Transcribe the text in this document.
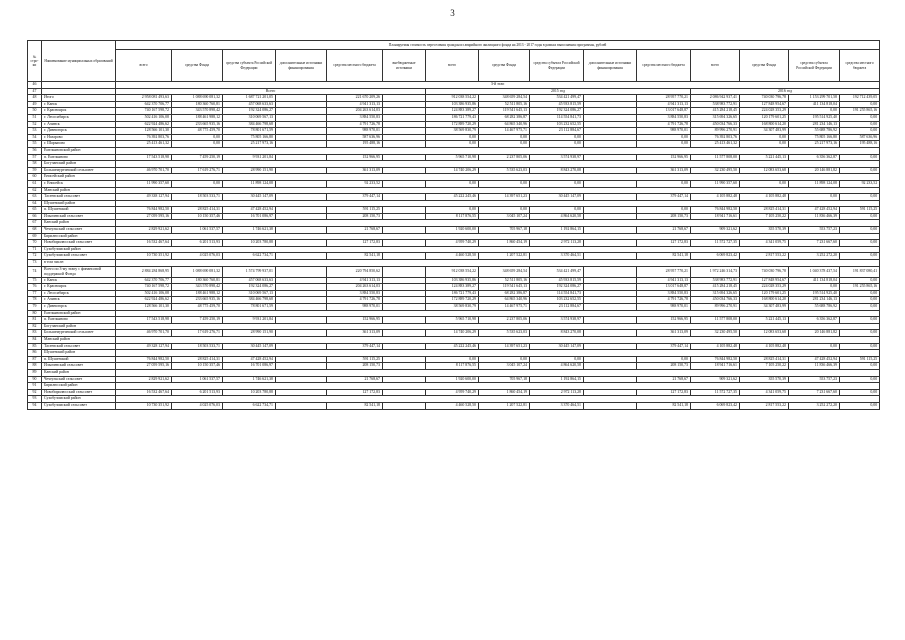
3
№ стро- ки	Наименование муниципальных образований	Планируемая стоимость переселения граждан из аварийного жилищного фонда на 2013 - 2017 годы в рамках выполнения программы, рублей														
		всего	средства Фонда	средства субъекта Российской Федерации	дополнительные источники финансирования	средства местного бюджета	внебюджетные источники	всего	средства Фонда	средства субъекта Российской Федерации	дополнительные источники финансирования	средства местного бюджета	всего	средства Фонда	средства субъекта Российской Федерации	средства местного бюджета
46		3-й этап														
47		Всего						2015 год					2016 год			
48	Итого	2 958 081 493,63	1 088 690 081,32	1 687 721 201,05		221 670 209,26		912 038 554,22	348 659 284,54	534 421 499,47		28 957 770,21	2 086 942 937,41	740 030 796,78	1 153 299 701,58	192 712 439,05
49	г. Канск	642 370 706,77	180 360 760,81	457 068 633,63		4 941 313,13		103 386 935,86	52 511 805,16	45 933 815,59		4 941 313,13	538 983 772,91	127 848 954,67	411 134 818,04	0,00
50	г. Красноярск	740 167 598,72	343 570 898,42	192 324 086,27		204 263 614,03		124 883 389,27	119 541 645,13	192 324 086,27		13 017 648,87	415 284 218,45	224 028 353,29	0,00	191 255 865,16
51	г. Лесосибирск	502 416 106,08	188 461 988,12	310 069 567,13		3 884 550,83		186 721 779,43	68 282 386,87	114 554 841,73		3 884 550,83	315 694 326,65	120 179 601,25	195 514 925,40	0,00
52	г. Ачинск	622 924 486,62	233 665 935,16	384 466 798,68		4 791 726,78		172 889 720,29	64 865 340,96	103 232 652,55		4 791 726,78	450 034 766,33	168 800 614,20	281 234 146,13	0,00
53	г. Дивногорск	128 566 101,30	48 775 459,70	78 801 671,59		988 970,01		38 569 830,79	14 467 975,71	23 112 884,67		988 970,01	89 996 270,91	34 307 483,99	55 688 786,92	0,00
54	г. Назарово	76 392 803,76	0,00	75 805 166,80		587 636,96		0,00	0,00	0,00		0,00	76 392 803,76	0,00	75 805 166,80	587 636,96
55	г. Шарыпово	25 413 461,32	0,00	25 217 973,16		195 488,16		0,00	0,00	0,00		0,00	25 413 461,32	0,00	25 217 973,16	195 488,16
56	Емельяновский район															
57	п. Емельяново	17 543 518,98	7 459 250,19	9 931 201,84		152 966,95		5 965 710,98	2 237 805,06	3 574 938,97		152 966,95	11 577 808,00	5 221 445,13	6 356 362,87	0,00
58	Богучанский район															
59	Большемуртинский сельсовет	46 970 701,70	17 619 276,71	28 990 151,90		361 313,09		14 740 206,29	5 535 623,03	8 843 270,08		361 313,09	32 230 495,50	12 083 653,68	20 146 881,82	0,00
60	Енисейский район															
61	г. Енисейск	11 990 357,60	0,00	11 898 124,08		92 233,52		0,00	0,00	0,00		0,00	11 990 357,60	0,00	11 898 124,08	92 233,52
62	Манский район															
63	Тасеевский сельсовет	49 338 127,94	18 503 533,71	30 445 147,09		379 447,14		45 222 245,46	14 397 651,23	30 445 147,09		379 447,14	4 105 882,48	4 105 882,48	0,00	0,00
64	Шушенский район															
65	п. Шушенский	76 844 982,50	28 825 414,31	47 428 452,94		591 115,25		0,00	0,00	0,00		0,00	76 844 982,50	28 825 414,31	47 428 452,94	591 115,25
66	Ильичевский сельсовет	27 059 595,16	10 150 357,46	16 701 086,97		208 150,73		8 117 876,55	3 045 107,24	4 864 620,58		208 150,73	18 941 716,61	7 105 250,22	11 836 466,39	0,00
67	Канский район															
68	Чечеульский сельсовет	2 829 921,62	1 061 537,57	1 746 621,38		21 768,67		1 920 600,00	705 967,18	1 192 864,15		21 768,67	909 321,62	355 570,39	553 757,23	0,00
69	Бирилюсский район															
70	Новобирилюсский сельсовет	16 532 467,64	6 201 513,93	10 203 780,88		127 172,83		4 959 740,29	1 860 454,19	2 972 113,28		127 172,83	11 572 727,35	4 341 059,75	7 231 667,60	0,00
71	Сухобузимский район															
72	Сухобузимский сельсовет	10 730 351,92	4 025 076,03	6 622 734,71		82 541,18		4 460 528,50	1 207 522,81	3 370 464,51		82 541,18	6 069 823,42	2 817 553,22	3 252 272,20	0,00
73	в том числе:															
74	Всего по 3-му этапу с финансовой поддержкой Фонда	2 884 284 868,95	1 088 690 081,32	1 574 799 937,01		220 794 850,62		912 038 554,22	348 659 284,54	534 421 499,47		28 957 770,21	1 972 246 314,73	740 030 796,78	1 040 378 437,54	191 837 080,41
75	г. Канск	642 370 706,77	180 360 760,81	457 068 633,63		4 941 313,13		103 386 935,86	52 511 805,16	45 933 815,59		4 941 313,13	538 983 772,91	127 848 954,67	411 134 818,04	0,00
76	г. Красноярск	740 167 598,72	343 570 898,42	192 324 086,27		204 263 614,03		124 883 389,27	119 541 645,13	192 324 086,27		13 017 648,87	415 284 218,45	224 028 353,29	0,00	191 255 865,16
77	г. Лесосибирск	502 416 106,08	188 461 988,12	310 069 567,13		3 884 550,83		186 721 779,43	68 282 386,87	114 554 841,73		3 884 550,83	315 694 326,65	120 179 601,25	195 514 925,40	0,00
78	г. Ачинск	622 924 486,62	233 665 935,16	384 466 798,68		4 791 726,78		172 889 720,29	64 865 340,96	103 232 652,55		4 791 726,78	450 034 766,33	168 800 614,20	281 234 146,13	0,00
79	г. Дивногорск	128 566 101,30	48 775 459,70	78 801 671,59		988 970,01		38 569 830,79	14 467 975,71	23 112 884,67		988 970,01	89 996 270,91	34 307 483,99	55 688 786,92	0,00
80	Емельяновский район															
81	п. Емельяново	17 543 518,98	7 459 250,19	9 931 201,84		152 966,95		5 965 710,98	2 237 805,06	3 574 938,97		152 966,95	11 577 808,00	5 221 445,13	6 356 362,87	0,00
82	Богучанский район															
83	Большемуртинский сельсовет	46 970 701,70	17 619 276,71	28 990 151,90		361 313,09		14 740 206,29	5 535 623,03	8 843 270,08		361 313,09	32 230 495,50	12 083 653,68	20 146 881,82	0,00
84	Манский район															
85	Тасеевский сельсовет	49 328 127,94	18 503 533,71	30 445 147,09		379 447,14		45 222 245,46	14 397 651,23	30 445 147,09		379 447,14	4 105 882,48	4 105 882,48	0,00	0,00
86	Шушенский район															
87	п. Шушенский	76 844 982,50	28 825 414,31	47 428 452,94		591 115,25		0,00	0,00	0,00		0,00	76 844 982,50	28 825 414,31	47 428 452,94	591 115,25
88	Ильичевский сельсовет	27 059 595,16	10 150 357,46	16 701 086,97		208 150,73		8 117 876,55	3 045 107,24	4 864 620,58		208 150,73	18 941 716,61	7 105 250,22	11 836 466,39	0,00
89	Канский район															
90	Чечеульский сельсовет	2 829 921,62	1 061 537,57	1 746 621,38		21 768,67		1 920 600,00	705 967,18	1 192 864,15		21 768,67	909 321,62	355 570,39	553 757,23	0,00
91	Бирилюсский район															
92	Новобирилюсский сельсовет	16 532 467,64	6 201 513,93	10 203 780,88		127 172,83		4 959 740,29	1 860 454,19	2 972 113,28		127 172,83	11 572 727,35	4 341 059,75	7 231 667,60	0,00
93	Сухобузимский район															
94	Сухобузимский сельсовет	10 730 351,92	4 025 076,03	6 622 734,71		82 541,18		4 460 528,50	1 207 522,81	3 370 464,51		82 541,18	6 069 823,42	2 817 553,22	3 252 272,20	0,00
